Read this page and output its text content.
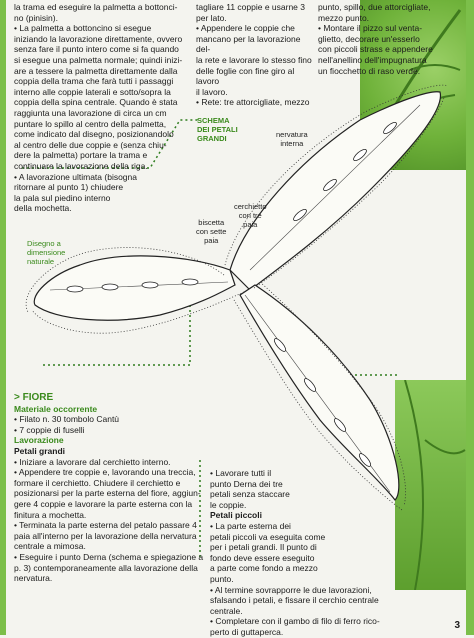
la trama ed eseguire la palmetta a bottonci-

no (pinisin).

• La palmetta a bottoncino si esegue

iniziando la lavorazione direttamente, ovvero

senza fare il punto intero come si fa quando

si esegue una palmetta normale; quindi inizi-

are a tessere la palmetta direttamente dalla

coppia della trama che farà tutti i passaggi

interno alle coppie laterali e sotto/sopra la

coppia della spina centrale. Quando è stata

raggiunta una lavorazione di circa un cm

puntare lo spillo al centro della palmetta,

come indicato dal disegno, posizionandolo

al centro delle due coppie e (senza chiu-

dere la palmetta) portare la trama e

continuare la lavorazione della riga.

• A lavorazione ultimata (bisogna

ritornare al punto 1) chiudere

la pala sul piedino interno

della mochetta.

tagliare 11 coppie e usarne 3

per lato.

• Appendere le coppie che

mancano per la lavorazione del-

la rete e lavorare lo stesso fino

delle foglie con fine giro al lavoro

il lavoro.

• Rete: tre attorcigliate, mezzo

punto, spillo, due attorcigliate,

mezzo punto.

• Montare il pizzo sul venta-

glietto, decorare un'esserlo

con piccoli strass e appendere

nell'anellino dell'impugnatura

un fiocchetto di raso verde.

SCHEMA
DEI PETALI
GRANDI	nervatura
interna
cerchietto
con tre
paia
biscetta
con sette
paia
Disegno a
dimensione
naturale

> FIORE

Materiale occorrente

• Filato n. 30 tombolo Cantù

• 7 coppie di fuselli

Lavorazione

Petali grandi

• Iniziare a lavorare dal cerchietto interno.

• Appendere tre coppie e, lavorando una treccia,

formare il cerchietto. Chiudere il cerchietto e

posizionarsi per la parte esterna del fiore, aggiun-

gere 4 coppie e lavorare la parte esterna con la

finitura a mochetta.

• Terminata la parte esterna del petalo passare 4

paia all'interno per la lavorazione della nervatura

centrale a mimosa.

• Eseguire i punto Derna (schema e spiegazione a

p. 3) contemporaneamente alla lavorazione della

nervatura.

• Lavorare tutti il

punto Derna dei tre

petali senza staccare

le coppie.

Petali piccoli

• La parte esterna dei

petali piccoli va eseguita come

per i petali grandi. Il punto di

fondo deve essere eseguito

a parte come fondo a mezzo

punto.

• Al termine sovrapporre le due lavorazioni,

sfalsando i petali, e fissare il cerchio centrale

centrale.

• Completare con il gambo di filo di ferro rico-

perto di guttaperca.

3
